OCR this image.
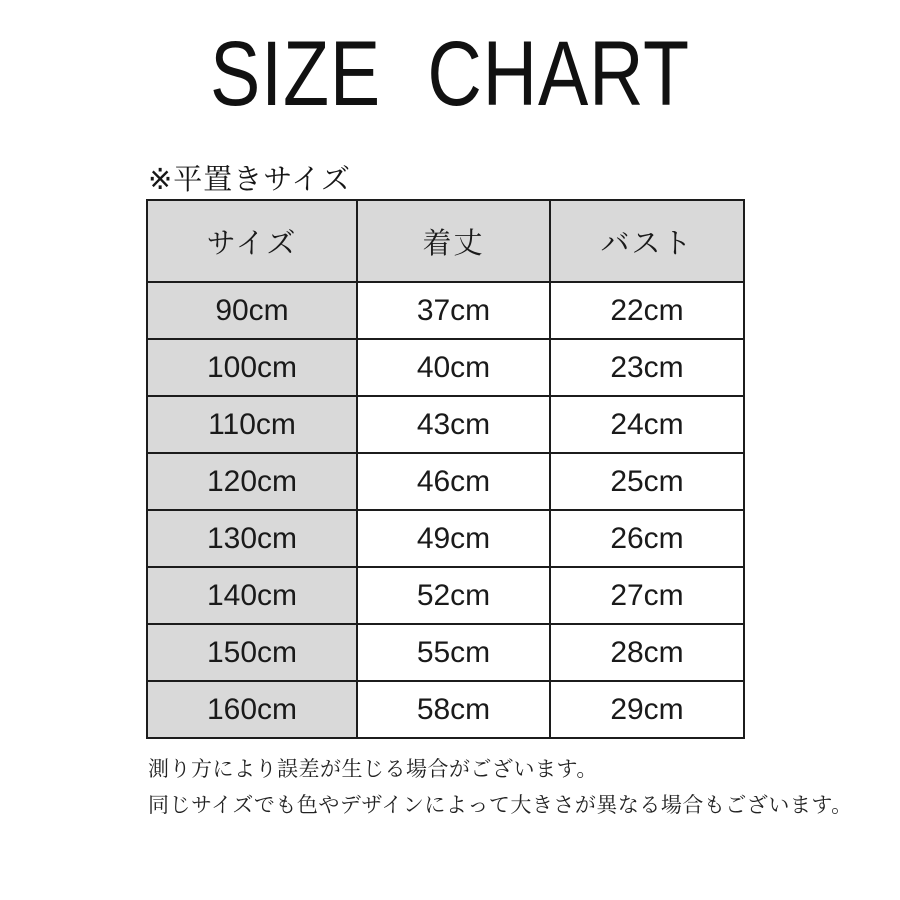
SIZE CHART
※平置きサイズ
サイズ	着丈	バスト
90cm	37cm	22cm
100cm	40cm	23cm
110cm	43cm	24cm
120cm	46cm	25cm
130cm	49cm	26cm
140cm	52cm	27cm
150cm	55cm	28cm
160cm	58cm	29cm
測り方により誤差が生じる場合がございます。
同じサイズでも色やデザインによって大きさが異なる場合もございます。
